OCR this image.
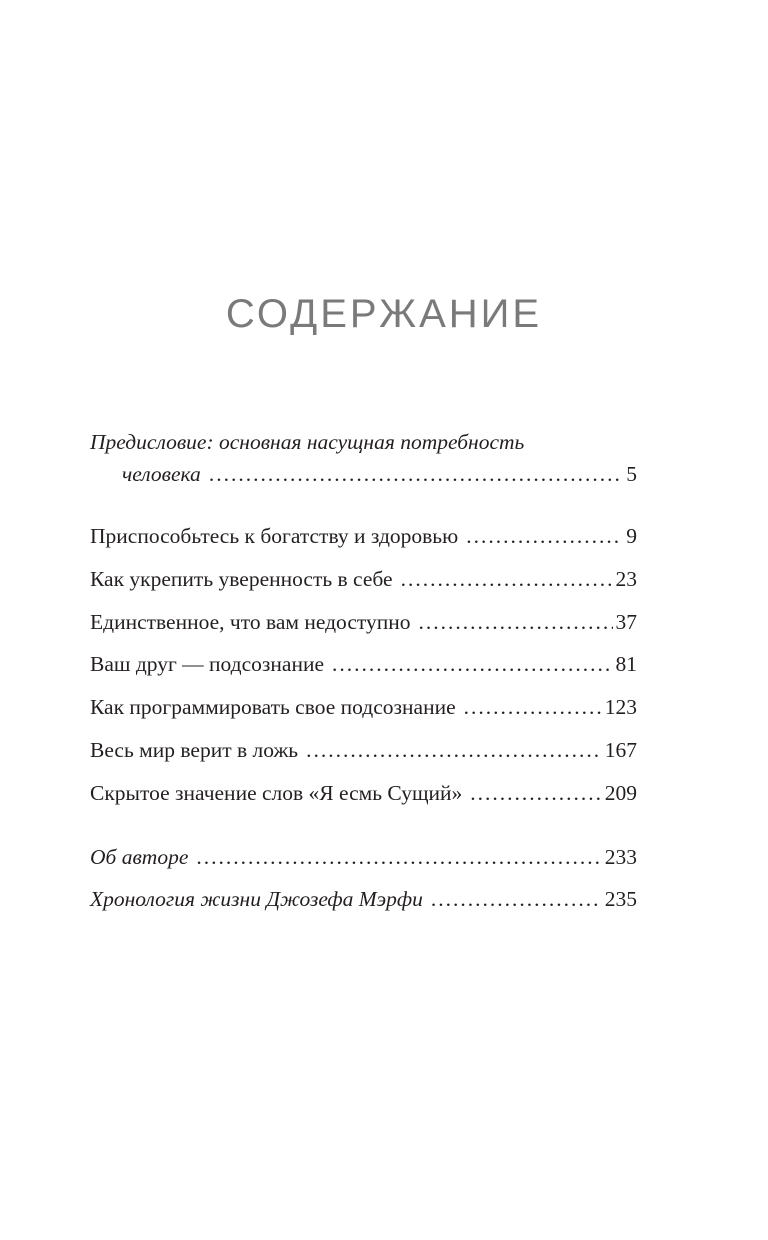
СОДЕРЖАНИЕ
Предисловие: основная насущная потребность
человека .....	5
Приспособьтесь к богатству и здоровью .....	9
Как укрепить уверенность в себе .....	23
Единственное, что вам недоступно .....	37
Ваш друг — подсознание .....	81
Как программировать свое подсознание .....	123
Весь мир верит в ложь .....	167
Скрытое значение слов «Я есмь Сущий» .....	209
Об авторе .....	233
Хронология жизни Джозефа Мэрфи .....	235
